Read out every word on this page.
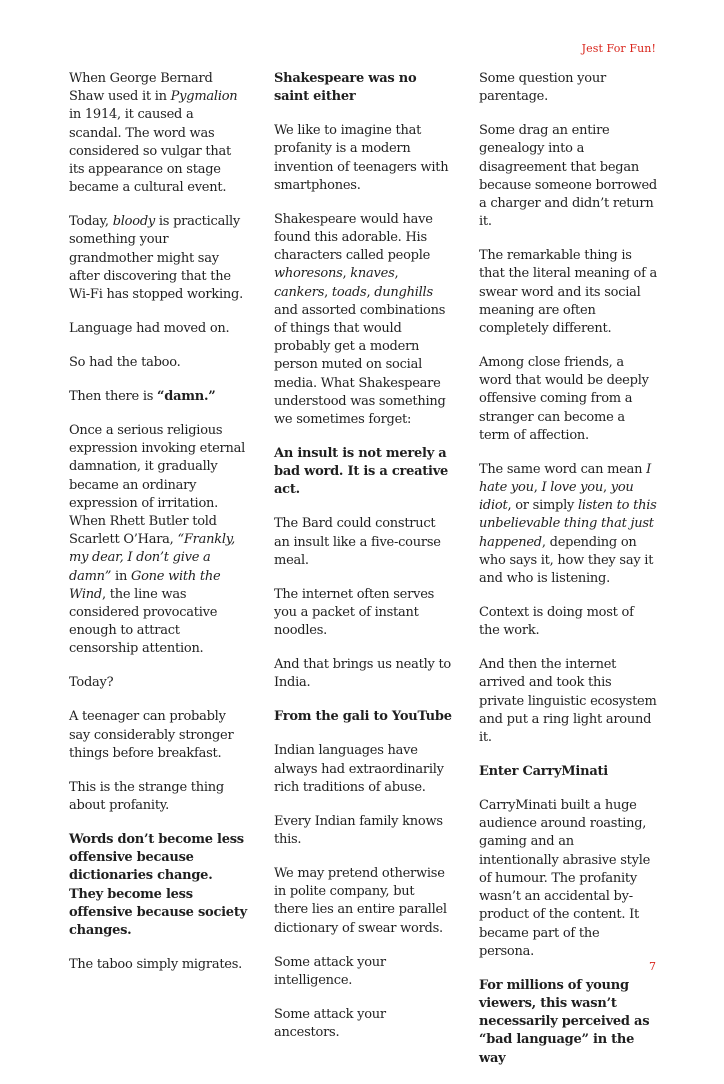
Jest For Fun!

When George Bernard Shaw used it in Pygmalion in 1914, it caused a scandal. The word was considered so vulgar that its appearance on stage became a cultural event.

Today, bloody is practically something your grandmother might say after discovering that the Wi-Fi has stopped working.

Language had moved on.

So had the taboo.

Then there is “damn.”

Once a serious religious expression invoking eternal damnation, it gradually became an ordinary expression of irritation. When Rhett Butler told Scarlett O’Hara, “Frankly, my dear, I don’t give a damn” in Gone with the Wind, the line was considered provocative enough to attract censorship attention.

Today?

A teenager can probably say considerably stronger things before breakfast.

This is the strange thing about profanity.

Words don’t become less offensive because dictionaries change. They become less offensive because society changes.

The taboo simply migrates.

Shakespeare was no saint either

We like to imagine that profanity is a modern invention of teenagers with smartphones.

Shakespeare would have found this adorable. His characters called people whoresons, knaves, cankers, toads, dunghills and assorted combinations of things that would probably get a modern person muted on social media. What Shakespeare understood was something we sometimes forget:

An insult is not merely a bad word. It is a creative act.

The Bard could construct an insult like a five-course meal.

The internet often serves you a packet of instant noodles.

And that brings us neatly to India.

From the gali to YouTube

Indian languages have always had extraordinarily rich traditions of abuse.

Every Indian family knows this.

We may pretend otherwise in polite company, but there lies an entire parallel dictionary of swear words.

Some attack your intelligence.

Some attack your ancestors.

Some question your parentage.

Some drag an entire genealogy into a disagreement that began because someone borrowed a charger and didn’t return it.

The remarkable thing is that the literal meaning of a swear word and its social meaning are often completely different.

Among close friends, a word that would be deeply offensive coming from a stranger can become a term of affection.

The same word can mean I hate you, I love you, you idiot, or simply listen to this unbelievable thing that just happened, depending on who says it, how they say it and who is listening.

Context is doing most of the work.

And then the internet arrived and took this private linguistic ecosystem and put a ring light around it.

Enter CarryMinati

CarryMinati built a huge audience around roasting, gaming and an intentionally abrasive style of humour. The profanity wasn’t an accidental by-product of the content. It became part of the persona.

For millions of young viewers, this wasn’t necessarily perceived as “bad language” in the way

7
